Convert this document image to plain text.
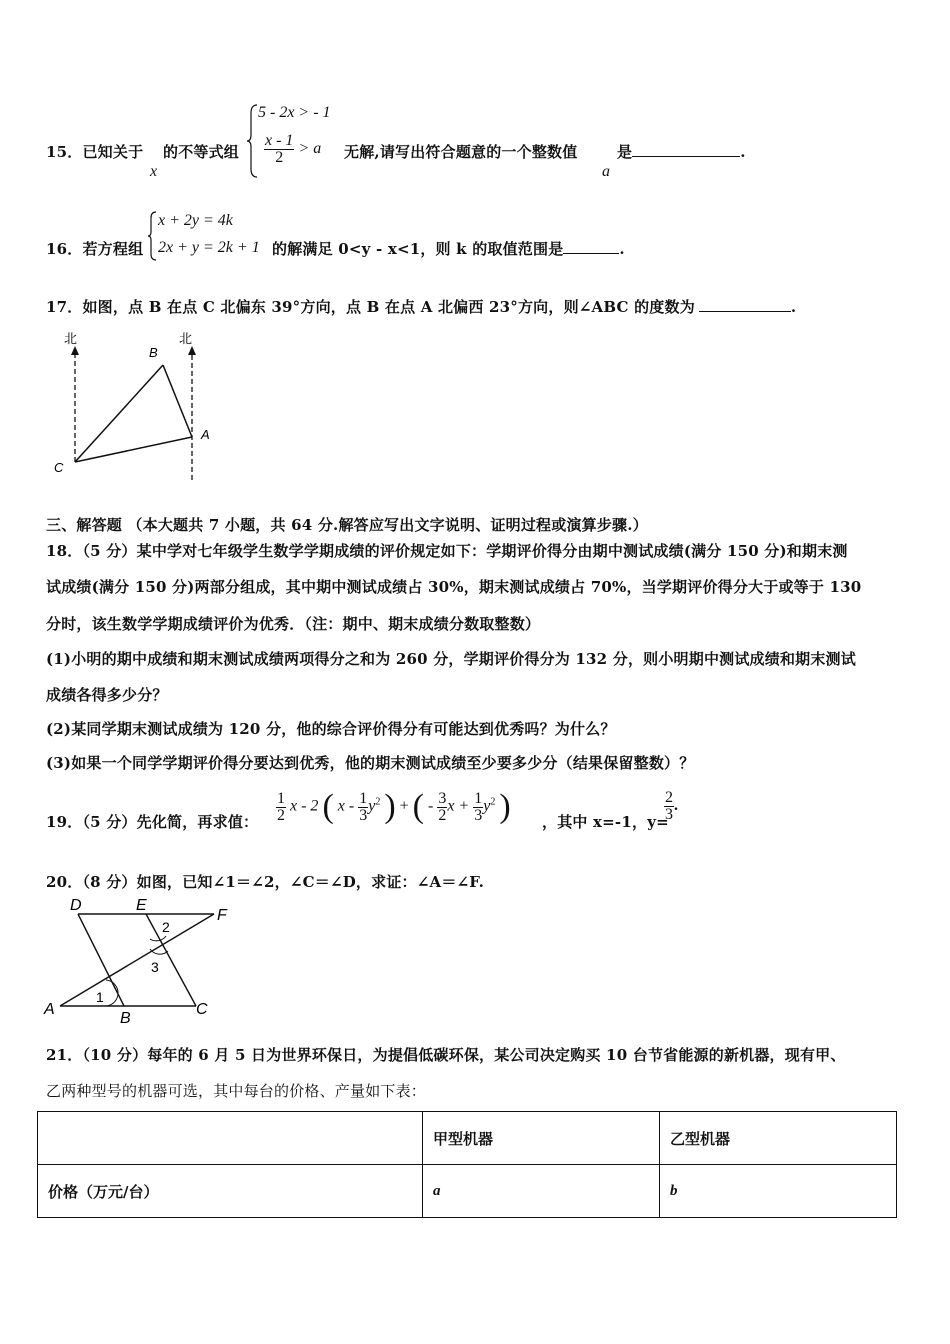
15．已知关于
x
的不等式组
5 - 2x > - 1
$\frac{x - 1}{2} > a$ 无解,请写出符合题意的一个整数值
a
是	.
16．若方程组
x + 2y = 4k
2x + y = 2k + 1 的解满足 0<y - x<1，则 k 的取值范围是	.
17．如图，点 B 在点 C 北偏东 39°方向，点 B 在点 A 北偏西 23°方向，则∠ABC 的度数为	.
北	北
B
A
C
三、解答题 （本大题共 7 小题，共 64 分.解答应写出文字说明、证明过程或演算步骤.）
18．（5 分）某中学对七年级学生数学学期成绩的评价规定如下：学期评价得分由期中测试成绩(满分 150 分)和期末测
试成绩(满分 150 分)两部分组成，其中期中测试成绩占 30%，期末测试成绩占 70%，当学期评价得分大于或等于 130
分时，该生数学学期成绩评价为优秀．（注：期中、期末成绩分数取整数）
(1)小明的期中成绩和期末测试成绩两项得分之和为 260 分，学期评价得分为 132 分，则小明期中测试成绩和期末测试
成绩各得多少分？
(2)某同学期末测试成绩为 120 分，他的综合评价得分有可能达到优秀吗？为什么？
(3)如果一个同学学期评价得分要达到优秀，他的期末测试成绩至少要多少分（结果保留整数）？
19．（5 分）先化简，再求值： $\frac{1}{2}$ x - 2 ( x - $\frac{1}{3} y^2$ ) + ( - $\frac{3}{2}$ $x + \frac{1}{3} y^2$ ) ，其中 x=-1，y=
$\frac{2}{3}$ .
20．（8 分）如图，已知∠1＝∠2，∠C＝∠D，求证：∠A＝∠F.
D	E
F
A
B
C
1
2
3
21．（10 分）每年的 6 月 5 日为世界环保日，为提倡低碳环保，某公司决定购买 10 台节省能源的新机器，现有甲、
乙两种型号的机器可选，其中每台的价格、产量如下表：
	甲型机器	乙型机器
价格（万元/台）	a	b
